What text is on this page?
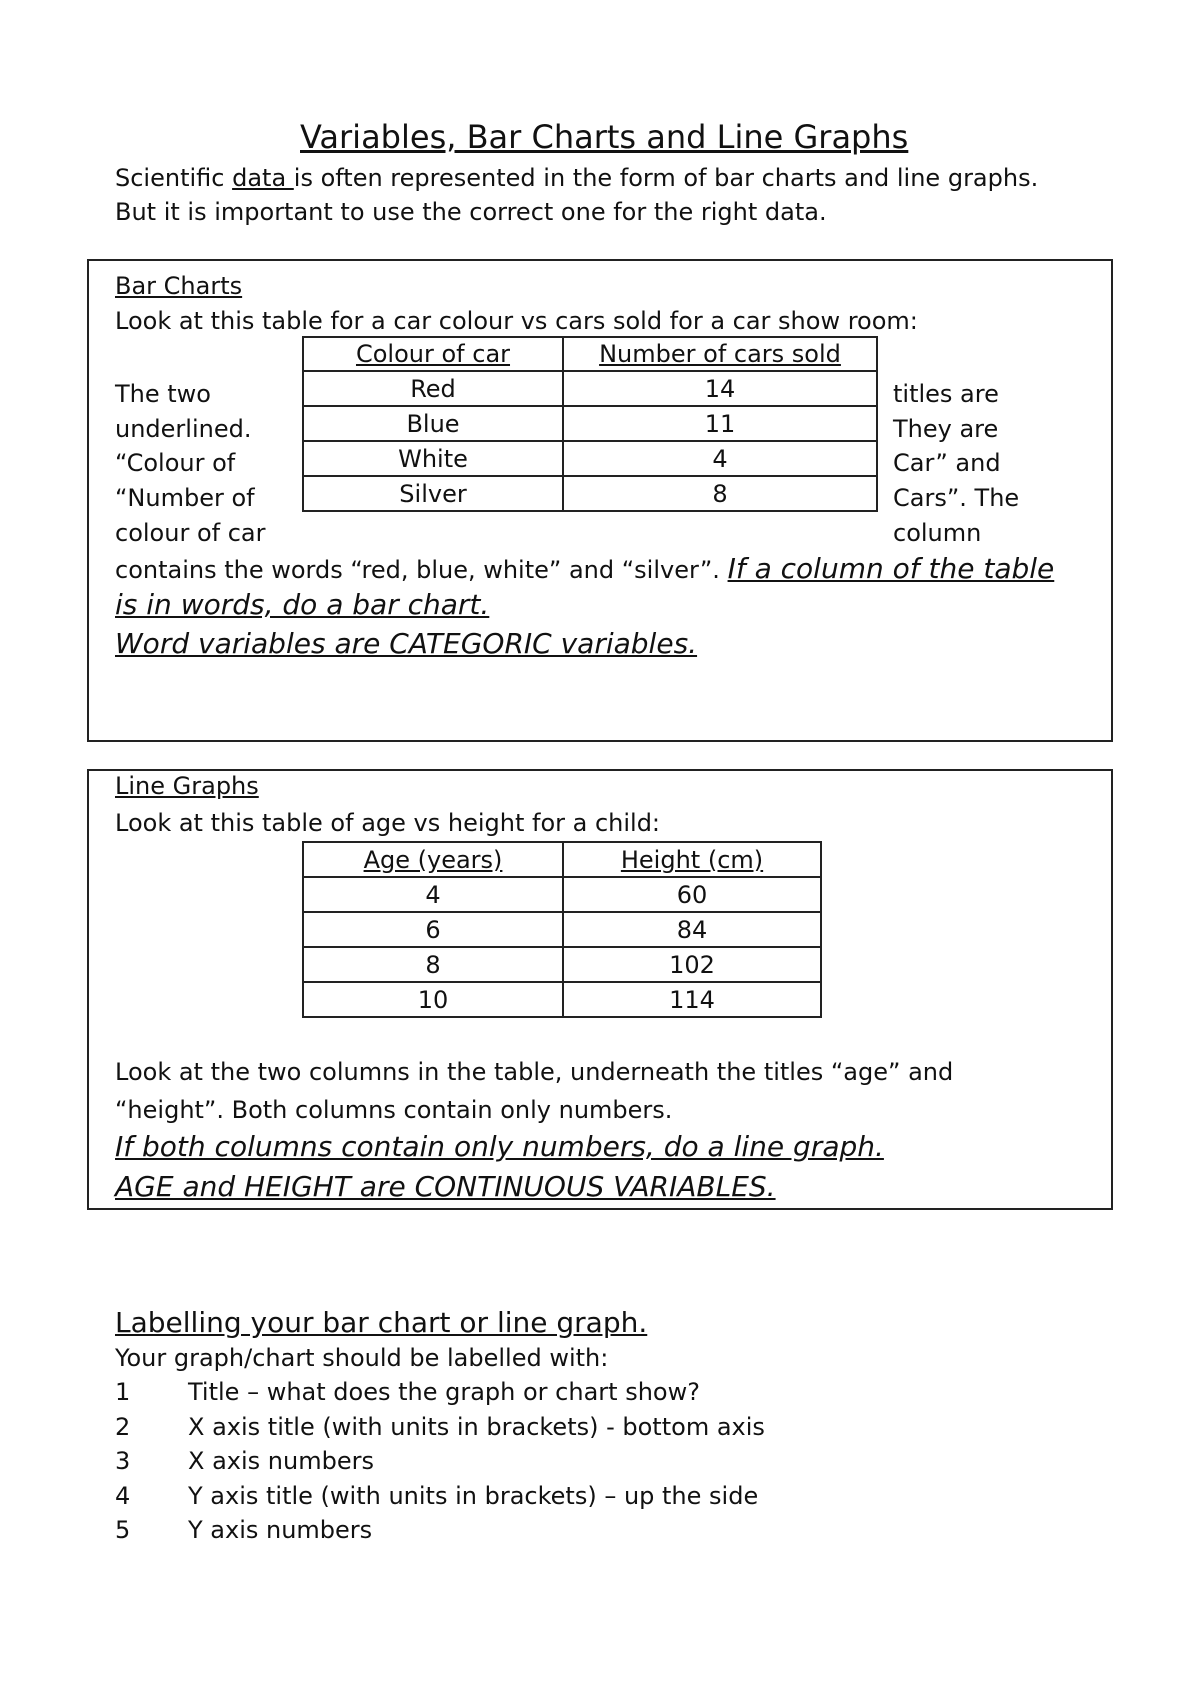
Variables, Bar Charts and Line Graphs
Scientific data is often represented in the form of bar charts and line graphs.
But it is important to use the correct one for the right data.
Bar Charts
Look at this table for a car colour vs cars sold for a car show room:
Colour of car	Number of cars sold
Red	14
Blue	11
White	4
Silver	8
The two
underlined.
“Colour of
“Number of
colour of car
titles are
They are
Car” and
Cars”. The
column
contains the words “red, blue, white” and “silver”. If a column of the table
is in words, do a bar chart.
Word variables are CATEGORIC variables.
Line Graphs
Look at this table of age vs height for a child:
Age (years)	Height (cm)
4	60
6	84
8	102
10	114
Look at the two columns in the table, underneath the titles “age” and
“height”. Both columns contain only numbers.
If both columns contain only numbers, do a line graph.
AGE and HEIGHT are CONTINUOUS VARIABLES.
Labelling your bar chart or line graph.
Your graph/chart should be labelled with:
1 Title – what does the graph or chart show?
2 X axis title (with units in brackets) - bottom axis
3 X axis numbers
4 Y axis title (with units in brackets) – up the side
5 Y axis numbers
